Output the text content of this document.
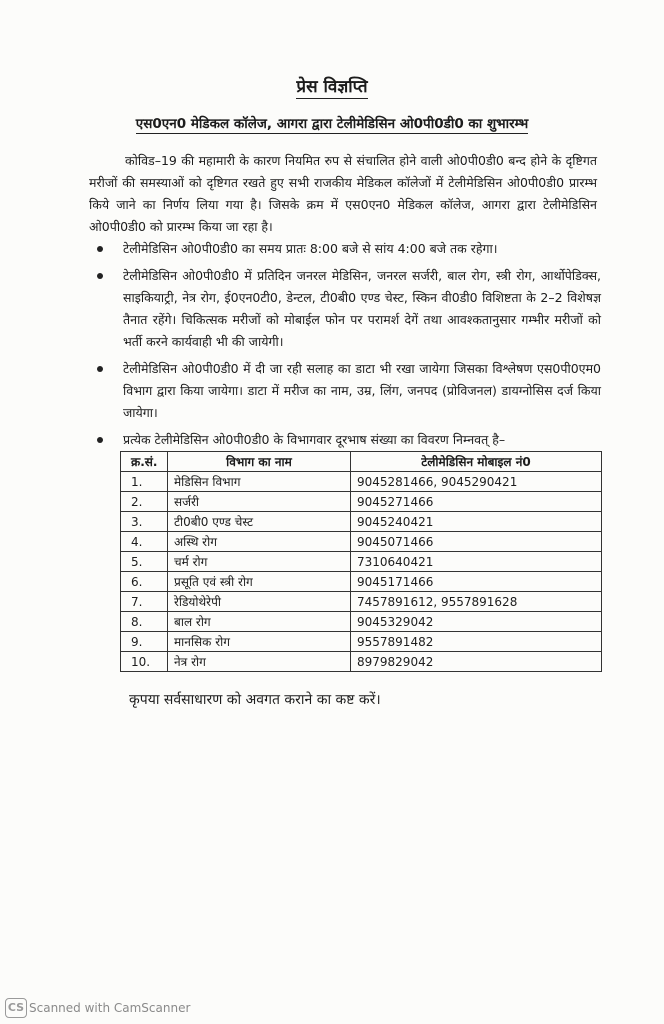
प्रेस विज्ञप्ति
एस0एन0 मेडिकल कॉलेज, आगरा द्वारा टेलीमेडिसिन ओ0पी0डी0 का शुभारम्भ
कोविड–19 की महामारी के कारण नियमित रुप से संचालित होने वाली ओ0पी0डी0 बन्द होने के दृष्टिगत मरीजों की समस्याओं को दृष्टिगत रखते हुए सभी राजकीय मेडिकल कॉलेजों में टेलीमेडिसिन ओ0पी0डी0 प्रारम्भ किये जाने का निर्णय लिया गया है। जिसके क्रम में एस0एन0 मेडिकल कॉलेज, आगरा द्वारा टेलीमेडिसिन ओ0पी0डी0 को प्रारम्भ किया जा रहा है।
टेलीमेडिसिन ओ0पी0डी0 का समय प्रातः 8:00 बजे से सांय 4:00 बजे तक रहेगा।
टेलीमेडिसिन ओ0पी0डी0 में प्रतिदिन जनरल मेडिसिन, जनरल सर्जरी, बाल रोग, स्त्री रोग, आर्थोपेडिक्स, साइकियाट्री, नेत्र रोग, ई0एन0टी0, डेन्टल, टी0बी0 एण्ड चेस्ट, स्किन वी0डी0 विशिष्टता के 2–2 विशेषज्ञ तैनात रहेंगे। चिकित्सक मरीजों को मोबाईल फोन पर परामर्श देगें तथा आवश्कतानुसार गम्भीर मरीजों को भर्ती करने कार्यवाही भी की जायेगी।
टेलीमेडिसिन ओ0पी0डी0 में दी जा रही सलाह का डाटा भी रखा जायेगा जिसका विश्लेषण एस0पी0एम0 विभाग द्वारा किया जायेगा। डाटा में मरीज का नाम, उम्र, लिंग, जनपद (प्रोविजनल) डायग्नोसिस दर्ज किया जायेगा।
प्रत्येक टेलीमेडिसिन ओ0पी0डी0 के विभागवार दूरभाष संख्या का विवरण निम्नवत् है–
क्र.सं.	विभाग का नाम	टेलीमेडिसिन मोबाइल नं0
1.	मेडिसिन विभाग	9045281466, 9045290421
2.	सर्जरी	9045271466
3.	टी0बी0 एण्ड चेस्ट	9045240421
4.	अस्थि रोग	9045071466
5.	चर्म रोग	7310640421
6.	प्रसूति एवं स्त्री रोग	9045171466
7.	रेडियोथेरेपी	7457891612, 9557891628
8.	बाल रोग	9045329042
9.	मानसिक रोग	9557891482
10.	नेत्र रोग	8979829042
कृपया सर्वसाधारण को अवगत कराने का कष्ट करें।
CS Scanned with CamScanner
